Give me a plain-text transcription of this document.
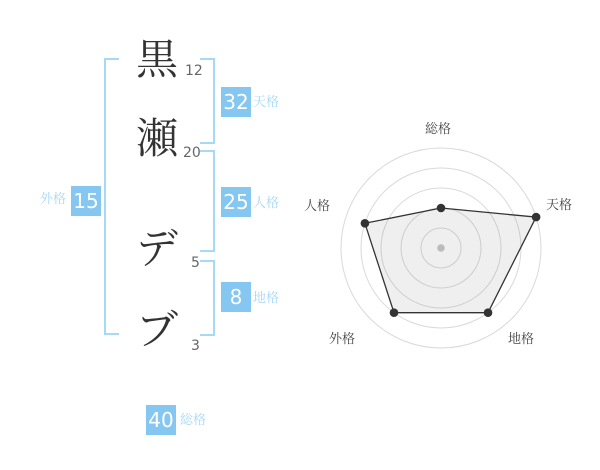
黒
瀬
デ
ブ
12
20
5
3
32 天格
25 人格
8 地格
外格 15
40 総格
総格
天格
地格
外格
人格
